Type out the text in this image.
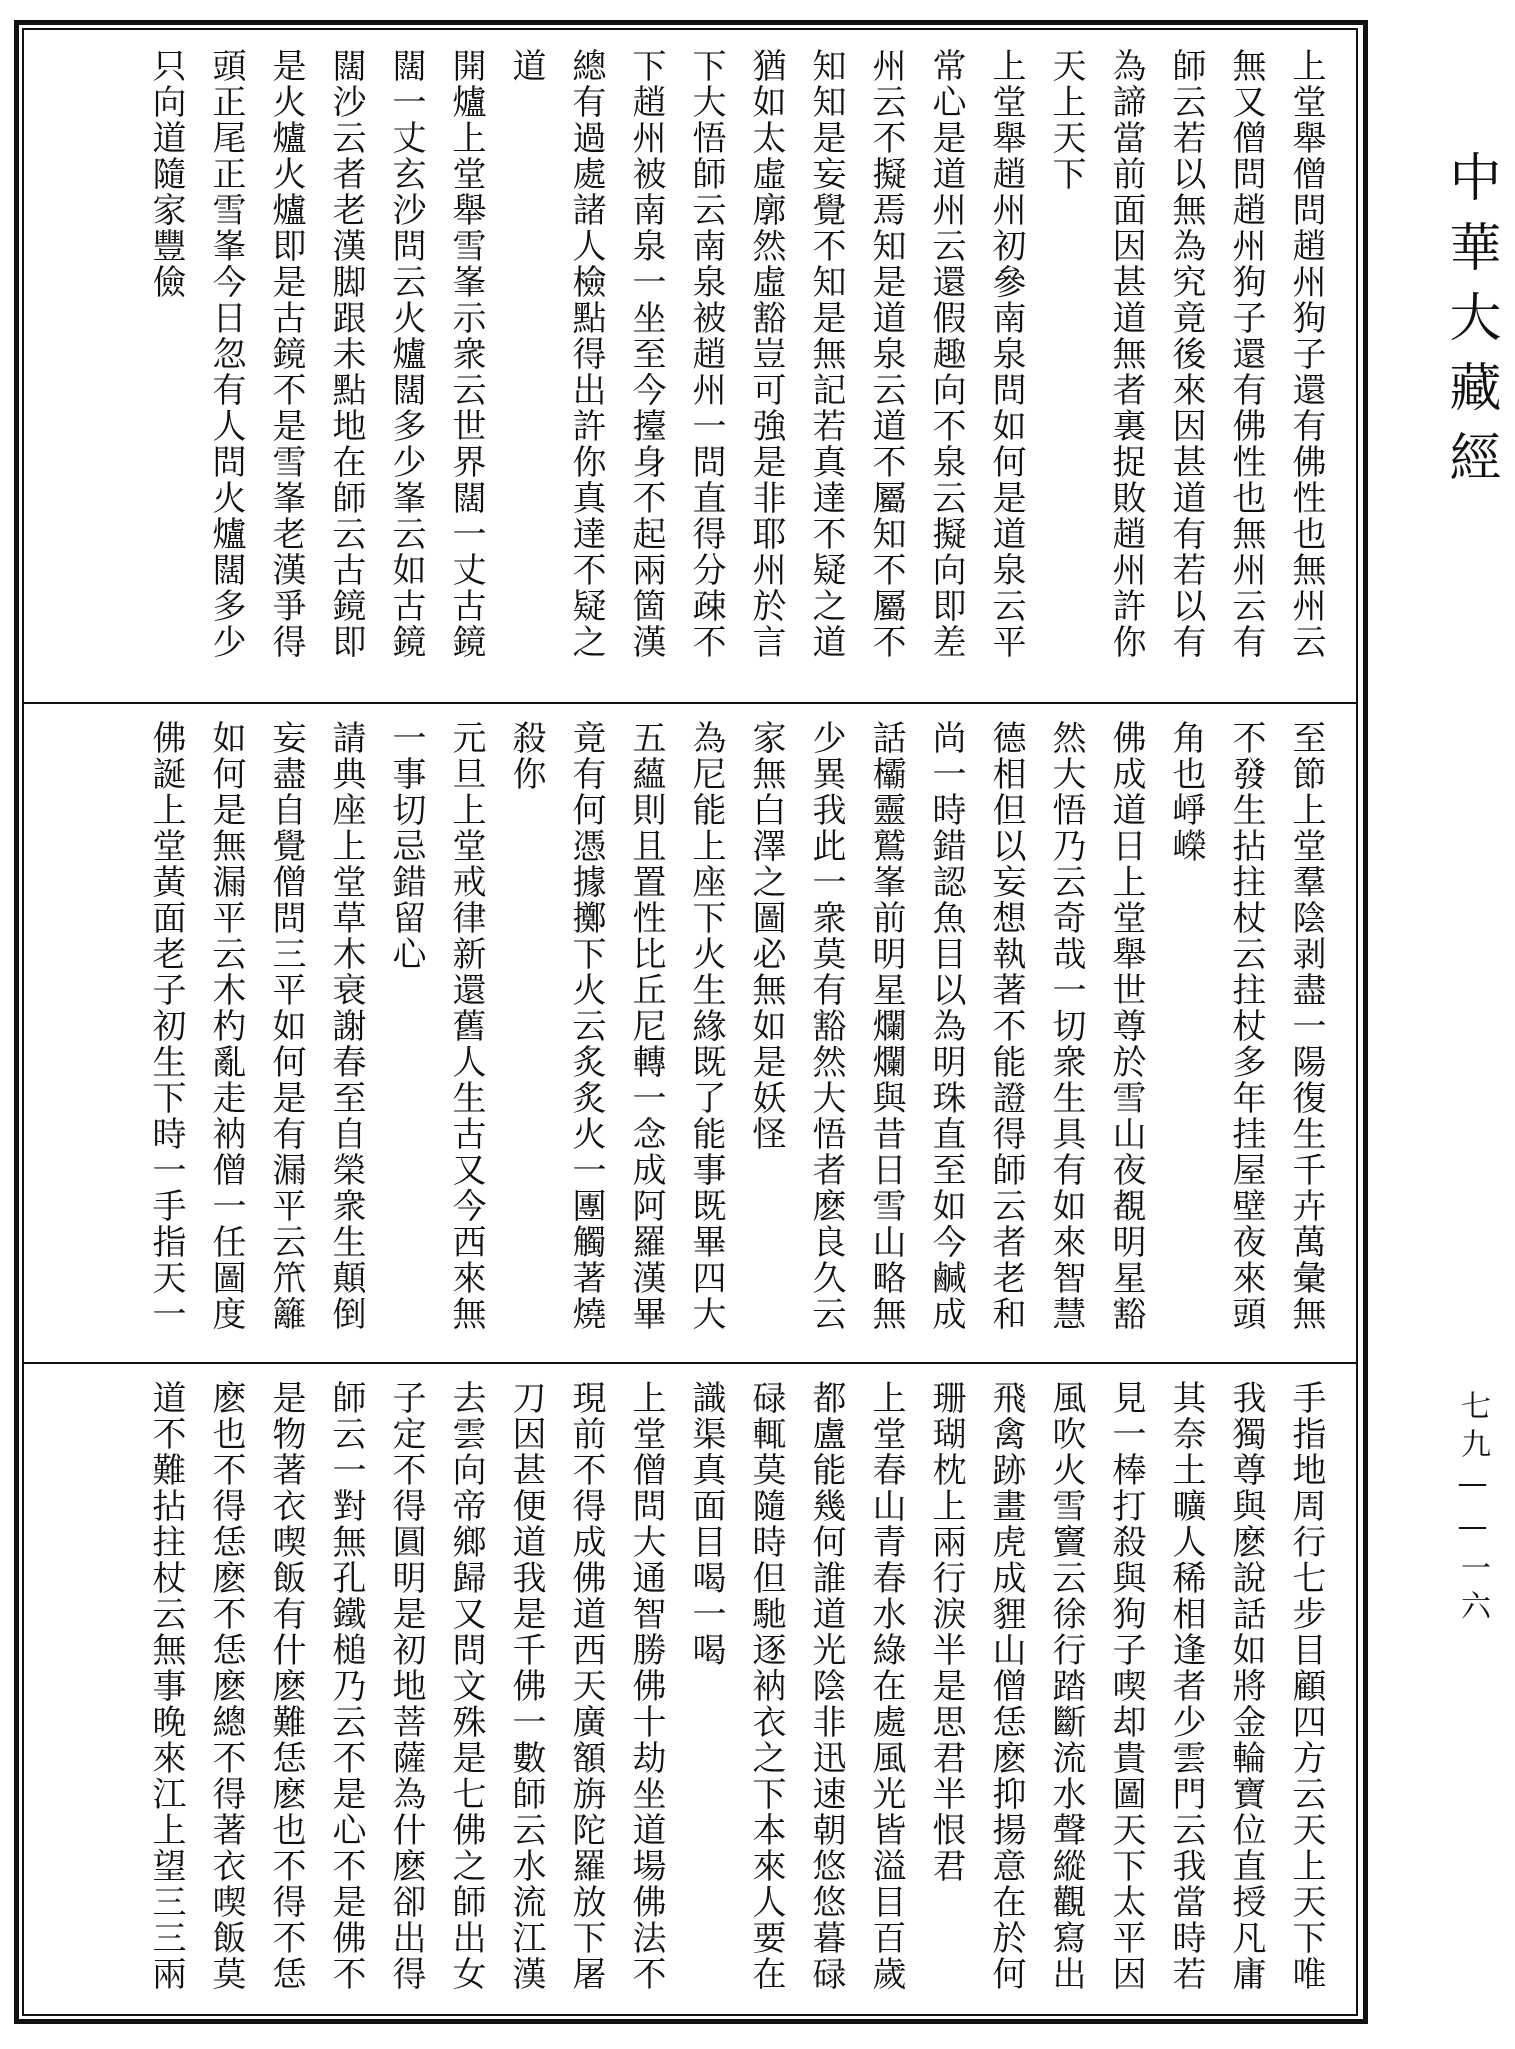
上堂舉僧問趙州狗子還有佛性也無州云
無又僧問趙州狗子還有佛性也無州云有
師云若以無為究竟後來因甚道有若以有
為諦當前面因甚道無者裏捉敗趙州許你
天上天下
上堂舉趙州初參南泉問如何是道泉云平
常心是道州云還假趣向不泉云擬向即差
州云不擬焉知是道泉云道不屬知不屬不
知知是妄覺不知是無記若真達不疑之道
猶如太虛廓然虛豁豈可強是非耶州於言
下大悟師云南泉被趙州一問直得分疎不
下趙州被南泉一坐至今擡身不起兩箇漢
總有過處諸人檢點得出許你真達不疑之
道
開爐上堂舉雪峯示衆云世界闊一丈古鏡
闊一丈玄沙問云火爐闊多少峯云如古鏡
闊沙云者老漢脚跟未點地在師云古鏡即
是火爐火爐即是古鏡不是雪峯老漢爭得
頭正尾正雪峯今日忽有人問火爐闊多少
只向道隨家豐儉
至節上堂羣陰剥盡一陽復生千卉萬彙無
不發生拈拄杖云拄杖多年挂屋壁夜來頭
角也崢嶸
佛成道日上堂舉世尊於雪山夜覩明星豁
然大悟乃云奇哉一切衆生具有如來智慧
德相但以妄想執著不能證得師云者老和
尚一時錯認魚目以為明珠直至如今鹹成
話欛靈鷲峯前明星爛爛與昔日雪山略無
少異我此一衆莫有豁然大悟者麽良久云
家無白澤之圖必無如是妖怪
為尼能上座下火生緣既了能事既畢四大
五蘊則且置性比丘尼轉一念成阿羅漢畢
竟有何憑據擲下火云炙炙火一團觸著燒
殺你
元旦上堂戒律新還舊人生古又今西來無
一事切忌錯留心
請典座上堂草木衰謝春至自榮衆生顛倒
妄盡自覺僧問三平如何是有漏平云笊籬
如何是無漏平云木杓亂走衲僧一任圖度
佛誕上堂黃面老子初生下時一手指天一
手指地周行七步目顧四方云天上天下唯
我獨尊與麽說話如將金輪寶位直授凡庸
其奈土曠人稀相逢者少雲門云我當時若
見一棒打殺與狗子喫却貴圖天下太平因
風吹火雪竇云徐行踏斷流水聲縱觀寫出
飛禽跡畫虎成貍山僧恁麽抑揚意在於何
珊瑚枕上兩行淚半是思君半恨君
上堂春山青春水綠在處風光皆溢目百歲
都盧能幾何誰道光陰非迅速朝悠悠暮碌
碌輒莫隨時但馳逐衲衣之下本來人要在
識渠真面目喝一喝
上堂僧問大通智勝佛十劫坐道場佛法不
現前不得成佛道西天廣額旃陀羅放下屠
刀因甚便道我是千佛一數師云水流江漢
去雲向帝鄉歸又問文殊是七佛之師出女
子定不得圓明是初地菩薩為什麽卻出得
師云一對無孔鐵槌乃云不是心不是佛不
是物著衣喫飯有什麽難恁麽也不得不恁
麽也不得恁麽不恁麽總不得著衣喫飯莫
道不難拈拄杖云無事晚來江上望三三兩
中華大藏經
七九——一六
